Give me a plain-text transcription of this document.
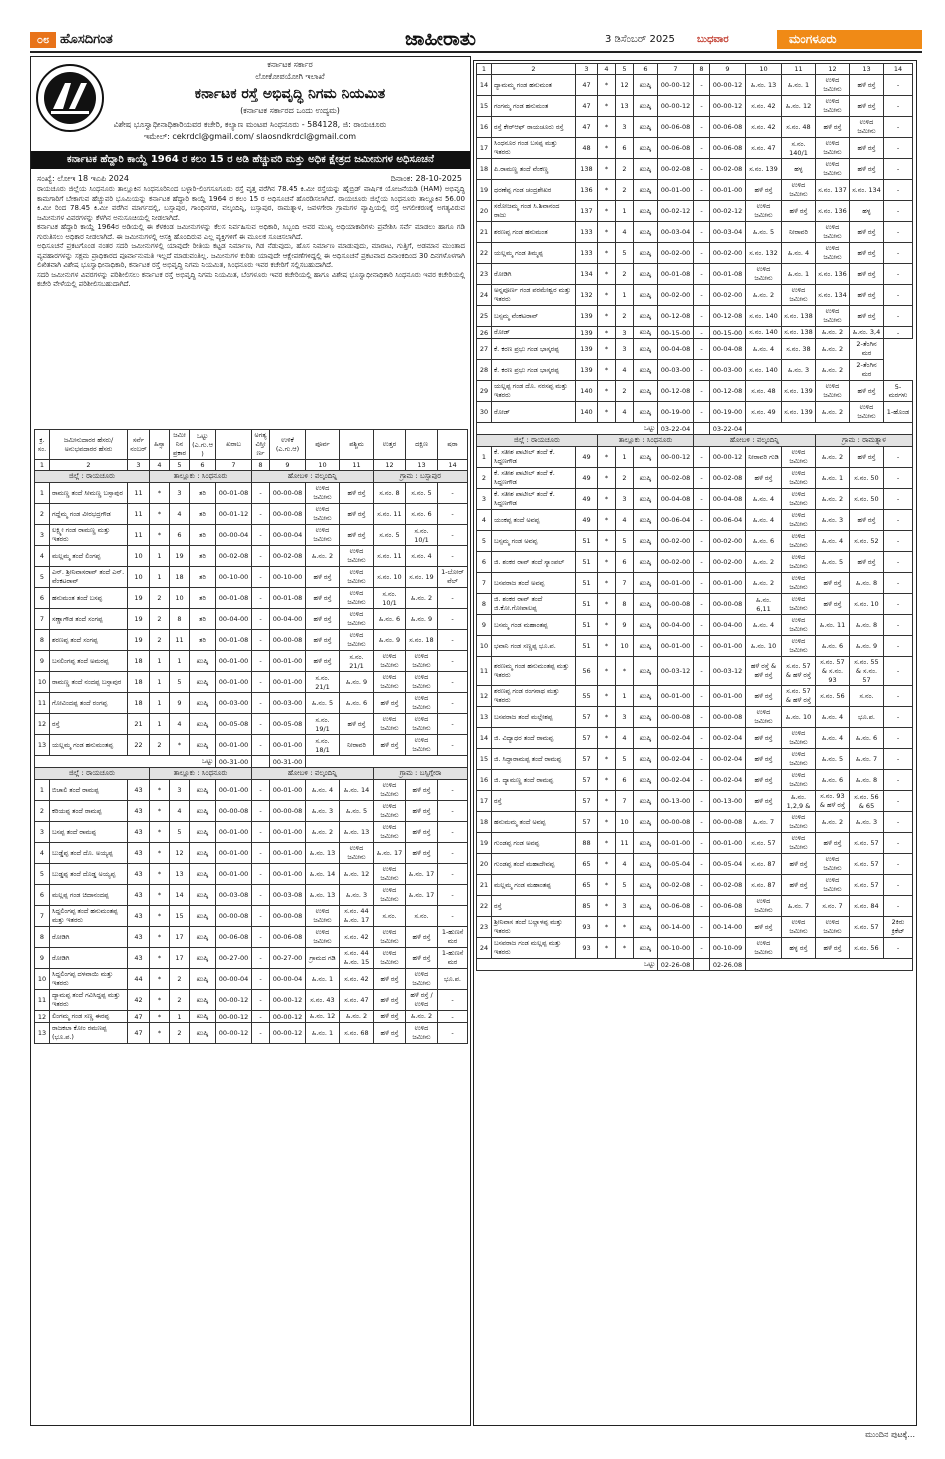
೦೮ ಹೊಸದಿಗಂತ	ಜಾಹೀರಾತು	3 ಡಿಸೆಂಬರ್ 2025 ಬುಧವಾರ	ಮಂಗಳೂರು
ಕರ್ನಾಟಕ ಸರ್ಕಾರ
ಲೋಕೋಪಯೋಗಿ ಇಲಾಖೆ
ಕರ್ನಾಟಕ ರಸ್ತೆ ಅಭಿವೃದ್ಧಿ ನಿಗಮ ನಿಯಮಿತ
(ಕರ್ನಾಟಕ ಸರ್ಕಾರದ ಒಂದು ಉದ್ಯಮ)
ವಿಶೇಷ ಭೂಸ್ವಾಧೀನಾಧಿಕಾರಿಯವರ ಕಚೇರಿ, ಕಲ್ಯಾಣ ಮಂಟಪ ಸಿಂಧನೂರು - 584128, ಜಿ: ರಾಯಚೂರು
ಇಮೇಲ್: cekrdcl@gmail.com/ slaosndkrdcl@gmail.com
ಕರ್ನಾಟಕ ಹೆದ್ದಾರಿ ಕಾಯ್ದೆ 1964 ರ ಕಲಂ 15 ರ ಅಡಿ ಹೆಚ್ಚುವರಿ ಮತ್ತು ಅಧಿಕ ಕ್ಷೇತ್ರದ ಜಮೀನುಗಳ ಅಧಿಸೂಚನೆ
ಸಂಖ್ಯೆ: ಲೋಇ 18 ಇಎಪಿ 2024	ದಿನಾಂಕ: 28-10-2025

ರಾಯಚೂರು ಜಿಲ್ಲೆಯ ಸಿಂಧನೂರು ತಾಲ್ಲೂಕಿನ ಸಿಂಧನೂರಿನಿಂದ ಬಳ್ಳಾರಿ-ಲಿಂಗಸೂಗೂರು ರಸ್ತೆ ವೃತ್ತ ವರೆಗಿನ 78.45 ಕಿ.ಮೀ ರಸ್ತೆಯನ್ನು ಹೈಬ್ರಿಡ್ ವಾರ್ಷಿಕ ಯೋಜನೆಯಡಿ (HAM) ಅಭಿವೃದ್ಧಿ ಕಾಮಗಾರಿಗೆ ಬೇಕಾಗುವ ಹೆಚ್ಚುವರಿ ಭೂಮಿಯನ್ನು ಕರ್ನಾಟಕ ಹೆದ್ದಾರಿ ಕಾಯ್ದೆ 1964 ರ ಕಲಂ 15 ರ ಅಧಿಸೂಚನೆ ಹೊರಡಿಸಲಾಗಿದೆ. ರಾಯಚೂರು ಜಿಲ್ಲೆಯ ಸಿಂಧನೂರು ತಾಲ್ಲೂಕಿನ 56.00 ಕಿ.ಮೀ ರಿಂದ 78.45 ಕಿ.ಮೀ ವರೆಗಿನ ಮಾರ್ಗದಲ್ಲಿ, ಬಸ್ಸಾಪುರ, ಗಾಂಧಿನಗರ, ವಲ್ಕಂದಿನ್ನಿ, ಬಸ್ಸಾಪುರ, ರಾಮತ್ನಾಳ, ಜವಳಗೇರಾ ಗ್ರಾಮಗಳ ವ್ಯಾಪ್ತಿಯಲ್ಲಿ ರಸ್ತೆ ಅಗಲೀಕರಣಕ್ಕೆ ಅಗತ್ಯವಿರುವ ಜಮೀನುಗಳ ವಿವರಗಳನ್ನು ಕೆಳಗಿನ ಅನುಸೂಚಿಯಲ್ಲಿ ನೀಡಲಾಗಿದೆ.

ಕರ್ನಾಟಕ ಹೆದ್ದಾರಿ ಕಾಯ್ದೆ 1964ರ ಅಡಿಯಲ್ಲಿ ಈ ಕೆಳಕಂಡ ಜಮೀನುಗಳನ್ನು ಕೆಲಸ ನಿರ್ವಹಿಸುವ ಅಧಿಕಾರಿ, ಸಿಬ್ಬಂದಿ ಅವರ ಮುಖ್ಯ ಅಧಿಯಾಕಾರಿಗಳು ಪ್ರವೇಶಿಸಿ ಸರ್ವೆ ಮಾಡಲು ಹಾಗೂ ಗಡಿ ಗುರುತಿಸಲು ಅಧಿಕಾರ ನೀಡಲಾಗಿದೆ. ಈ ಜಮೀನುಗಳಲ್ಲಿ ಆಸಕ್ತಿ ಹೊಂದಿರುವ ಎಲ್ಲ ವ್ಯಕ್ತಿಗಳಿಗೆ ಈ ಮೂಲಕ ಸೂಚಿಸಲಾಗಿದೆ.

ಅಧಿಸೂಚನೆ ಪ್ರಕಟಗೊಂಡ ನಂತರ ಸದರಿ ಜಮೀನುಗಳಲ್ಲಿ ಯಾವುದೇ ರೀತಿಯ ಕಟ್ಟಡ ನಿರ್ಮಾಣ, ಗಿಡ ನೆಡುವುದು, ಹೊಸ ನಿರ್ಮಾಣ ಮಾಡುವುದು, ಮಾರಾಟ, ಗುತ್ತಿಗೆ, ಅಡಮಾನ ಮುಂತಾದ ವ್ಯವಹಾರಗಳನ್ನು ಸಕ್ಷಮ ಪ್ರಾಧಿಕಾರದ ಪೂರ್ವಾನುಮತಿ ಇಲ್ಲದೆ ಮಾಡುವಂತಿಲ್ಲ. ಜಮೀನುಗಳ ಕುರಿತು ಯಾವುದೇ ಆಕ್ಷೇಪಣೆಗಳಿದ್ದಲ್ಲಿ ಈ ಅಧಿಸೂಚನೆ ಪ್ರಕಟವಾದ ದಿನಾಂಕದಿಂದ 30 ದಿನಗಳೊಳಗಾಗಿ ಲಿಖಿತವಾಗಿ ವಿಶೇಷ ಭೂಸ್ವಾಧೀನಾಧಿಕಾರಿ, ಕರ್ನಾಟಕ ರಸ್ತೆ ಅಭಿವೃದ್ಧಿ ನಿಗಮ ನಿಯಮಿತ, ಸಿಂಧನೂರು ಇವರ ಕಚೇರಿಗೆ ಸಲ್ಲಿಸಬಹುದಾಗಿದೆ.

ಸದರಿ ಜಮೀನುಗಳ ವಿವರಗಳನ್ನು ಪರಿಶೀಲಿಸಲು ಕರ್ನಾಟಕ ರಸ್ತೆ ಅಭಿವೃದ್ಧಿ ನಿಗಮ ನಿಯಮಿತ, ಬೆಂಗಳೂರು ಇವರ ಕಚೇರಿಯಲ್ಲಿ ಹಾಗೂ ವಿಶೇಷ ಭೂಸ್ವಾಧೀನಾಧಿಕಾರಿ ಸಿಂಧನೂರು ಇವರ ಕಚೇರಿಯಲ್ಲಿ ಕಚೇರಿ ವೇಳೆಯಲ್ಲಿ ಪರಿಶೀಲಿಸಬಹುದಾಗಿದೆ.

ಕ್ರ. ಸಂ.	ಜಮೀನುದಾರರ ಹೆಸರು/ ಅನುಭವದಾರರ ಹೆಸರು	ಸರ್ವೆ ನಂಬರ್	ಹಿಸ್ಸಾ	ಜಮೀನಿನ ಪ್ರಕಾರ	ಒಟ್ಟು (ಎ.ಗು.ಆ)	ಖರಾಬ	ಅಗತ್ಯ ವಿಸ್ತೀರ್ಣ	ಉಳಿಕೆ (ಎ.ಗು.ಆ)	ಪೂರ್ವ	ಪಶ್ಚಿಮ	ಉತ್ತರ	ದಕ್ಷಿಣ	ಷರಾ
1	2	3	4	5	6	7	8	9	10	11	12	13	14
ಜಿಲ್ಲೆ : ರಾಯಚೂರು			ತಾಲ್ಲೂಕು : ಸಿಂಧನೂರು				ಹೋಬಳಿ : ವಲ್ಕಂದಿನ್ನಿ				ಗ್ರಾಮ : ಬಸ್ಸಾಪುರ		
1	ರಾಮಣ್ಣ ತಂದೆ ಸೀಮಣ್ಣ ಬಸ್ಸಾಪುರ	11	*	3	ತರಿ	00-01-08	-	00-00-08	ಉಳಿದ ಜಮೀನು	ಹಳೆ ರಸ್ತೆ	ಸ.ನಂ. 8	ಸ.ನಂ. 5	-
2	ಗದ್ದೆಮ್ಮ ಗಂಡ ವೀರಭದ್ರಗೌಡ	11	*	4	ತರಿ	00-01-12	-	00-00-08	ಉಳಿದ ಜಮೀನು	ಹಳೆ ರಸ್ತೆ	ಸ.ನಂ. 11	ಸ.ನಂ. 6	-
3	ಲಕ್ಷ್ಮೀ ಗಂಡ ರಾಮಣ್ಣ ಮತ್ತು ಇತರರು	11	*	6	ತರಿ	00-00-04	-	00-00-04	ಉಳಿದ ಜಮೀನು	ಹಳೆ ರಸ್ತೆ	ಸ.ನಂ. 5	ಸ.ನಂ. 10/1	-
4	ಮಲ್ಲಮ್ಮ ತಂದೆ ಲಿಂಗಪ್ಪ	10	1	19	ತರಿ	00-02-08	-	00-02-08	ಹಿ.ನಂ. 2	ಉಳಿದ ಜಮೀನು	ಸ.ನಂ. 11	ಸ.ನಂ. 4	-
5	ಎನ್. ಶ್ರೀನಿವಾಸರಾವ್ ತಂದೆ ಎನ್. ವೆಂಕಟರಾವ್	10	1	18	ತರಿ	00-10-00	-	00-10-00	ಹಳೆ ರಸ್ತೆ	ಉಳಿದ ಜಮೀನು	ಸ.ನಂ. 10	ಸ.ನಂ. 19	1-ಬೋರ್ ವೆಲ್
6	ಹನುಮಂತ ತಂದೆ ಬಸಪ್ಪ	19	2	10	ತರಿ	00-01-08	-	00-01-08	ಹಳೆ ರಸ್ತೆ	ಉಳಿದ ಜಮೀನು	ಸ.ನಂ. 10/1	ಹಿ.ನಂ. 2	-
7	ಸಣ್ಣಾಗೌಡ ತಂದೆ ಸಂಗಪ್ಪ	19	2	8	ತರಿ	00-04-00	-	00-04-00	ಹಳೆ ರಸ್ತೆ	ಉಳಿದ ಜಮೀನು	ಹಿ.ನಂ. 6	ಹಿ.ನಂ. 9	-
8	ಶರಣಪ್ಪ ತಂದೆ ಸಂಗಪ್ಪ	19	2	11	ತರಿ	00-01-08	-	00-00-08	ಹಳೆ ರಸ್ತೆ	ಉಳಿದ ಜಮೀನು	ಹಿ.ನಂ. 9	ಸ.ನಂ. 18	-
9	ಬಸಲಿಂಗಪ್ಪ ತಂದೆ ಅಮರಪ್ಪ	18	1	1	ಖುಷ್ಕಿ	00-01-00	-	00-01-00	ಹಳೆ ರಸ್ತೆ	ಸ.ನಂ. 21/1	ಉಳಿದ ಜಮೀನು	ಉಳಿದ ಜಮೀನು	-
10	ರಾಮಣ್ಣ ತಂದೆ ನಂದಪ್ಪ ಬಸ್ಸಾಪುರ	18	1	5	ಖುಷ್ಕಿ	00-01-00	-	00-01-00	ಸ.ನಂ. 21/1	ಹಿ.ನಂ. 9	ಉಳಿದ ಜಮೀನು	ಉಳಿದ ಜಮೀನು	-
11	ಗೋವಿಂದಪ್ಪ ತಂದೆ ರಂಗಪ್ಪ	18	1	9	ಖುಷ್ಕಿ	00-03-00	-	00-03-00	ಹಿ.ನಂ. 5	ಹಿ.ನಂ. 6	ಹಳೆ ರಸ್ತೆ	ಉಳಿದ ಜಮೀನು	-
12	ರಸ್ತೆ	21	1	4	ಖುಷ್ಕಿ	00-05-08	-	00-05-08	ಸ.ನಂ. 19/1	ಹಳೆ ರಸ್ತೆ	ಉಳಿದ ಜಮೀನು	ಉಳಿದ ಜಮೀನು	-
13	ಯಲ್ಲಮ್ಮ ಗಂಡ ಹನುಮಂತಪ್ಪ	22	2	*	ಖುಷ್ಕಿ	00-01-00	-	00-01-00	ಸ.ನಂ. 18/1	ನೀರಾವರಿ	ಹಳೆ ರಸ್ತೆ	ಉಳಿದ ಜಮೀನು	-
ಒಟ್ಟು						00-31-00		00-31-00					
ಜಿಲ್ಲೆ : ರಾಯಚೂರು			ತಾಲ್ಲೂಕು : ಸಿಂಧನೂರು				ಹೋಬಳಿ : ವಲ್ಕಂದಿನ್ನಿ				ಗ್ರಾಮ : ಬಸ್ಸಿಗ್ಗೇರಾ		
1	ಬಿಚಾಲಿ ತಂದೆ ರಾಮಪ್ಪ	43	*	3	ಖುಷ್ಕಿ	00-01-00	-	00-01-00	ಹಿ.ನಂ. 4	ಹಿ.ನಂ. 14	ಉಳಿದ ಜಮೀನು	ಹಳೆ ರಸ್ತೆ	-
2	ಕರಿಯಪ್ಪ ತಂದೆ ರಾಮಪ್ಪ	43	*	4	ಖುಷ್ಕಿ	00-00-08	-	00-00-08	ಹಿ.ನಂ. 3	ಹಿ.ನಂ. 5	ಉಳಿದ ಜಮೀನು	ಹಳೆ ರಸ್ತೆ	-
3	ಬಸಪ್ಪ ತಂದೆ ರಾಮಪ್ಪ	43	*	5	ಖುಷ್ಕಿ	00-01-00	-	00-01-00	ಹಿ.ನಂ. 2	ಹಿ.ನಂ. 13	ಉಳಿದ ಜಮೀನು	ಹಳೆ ರಸ್ತೆ	-
4	ಬುಡ್ಡೆಪ್ಪ ತಂದೆ ದೊ. ಅಯ್ಯಪ್ಪ	43	*	12	ಖುಷ್ಕಿ	00-01-00	-	00-01-00	ಹಿ.ನಂ. 13	ಉಳಿದ ಜಮೀನು	ಹಿ.ನಂ. 17	ಹಳೆ ರಸ್ತೆ	-
5	ಬುಡ್ಡಪ್ಪ ತಂದೆ ದೊಡ್ಡ ಅಯ್ಯಪ್ಪ	43	*	13	ಖುಷ್ಕಿ	00-01-00	-	00-01-00	ಹಿ.ನಂ. 14	ಹಿ.ನಂ. 12	ಉಳಿದ ಜಮೀನು	ಹಿ.ನಂ. 17	-
6	ಮಲ್ಲಪ್ಪ ಗಂಡ ಚಿದಾನಂದಪ್ಪ	43	*	14	ಖುಷ್ಕಿ	00-03-08	-	00-03-08	ಹಿ.ನಂ. 13	ಹಿ.ನಂ. 3	ಉಳಿದ ಜಮೀನು	ಹಿ.ನಂ. 17	-
7	ಸಿದ್ದಲಿಂಗಪ್ಪ ತಂದೆ ಹನುಮಂತಪ್ಪ ಮತ್ತು ಇತರರು	43	*	15	ಖುಷ್ಕಿ	00-00-08	-	00-00-08	ಉಳಿದ ಜಮೀನು	ಸ.ನಂ. 44 ಹಿ.ನಂ. 17	ಸ.ನಂ.	ಸ.ನಂ.	-
8	ರೋಡಿಗಿ	43	*	17	ಖುಷ್ಕಿ	00-06-08	-	00-06-08	ಉಳಿದ ಜಮೀನು	ಸ.ನಂ. 42	ಉಳಿದ ಜಮೀನು	ಹಳೆ ರಸ್ತೆ	1-ಹುಣಸೆ ಮರ
9	ರೋಡಿಗಿ	43	*	17	ಖುಷ್ಕಿ	00-27-00	-	00-27-00	ಗ್ರಾಮದ ಗಡಿ	ಸ.ನಂ. 44 ಹಿ.ನಂ. 15	ಉಳಿದ ಜಮೀನು	ಹಳೆ ರಸ್ತೆ	1-ಹುಣಸೆ ಮರ
10	ಸಿದ್ದಲಿಂಗಪ್ಪ ದಳವಾಯಿ ಮತ್ತು ಇತರರು	44	*	2	ಖುಷ್ಕಿ	00-00-04	-	00-00-04	ಹಿ.ನಂ. 1	ಸ.ನಂ. 42	ಹಳೆ ರಸ್ತೆ	ಉಳಿದ ಜಮೀನು	ಭೂ.ಪ.
11	ದ್ಯಾಮಪ್ಪ ತಂದೆ ಗವಿಸಿದ್ದಪ್ಪ ಮತ್ತು ಇತರರು	42	*	2	ಖುಷ್ಕಿ	00-00-12	-	00-00-12	ಸ.ನಂ. 43	ಸ.ನಂ. 47	ಹಳೆ ರಸ್ತೆ	ಹಳೆ ರಸ್ತೆ / ಉಳಿದ	-
12	ಲಿಂಗಮ್ಮ ಗಂಡ ಸಣ್ಣ ಈರಪ್ಪ	47	*	1	ಖುಷ್ಕಿ	00-00-12	-	00-00-12	ಹಿ.ನಂ. 12	ಹಿ.ನಂ. 2	ಹಳೆ ರಸ್ತೆ	ಹಿ.ನಂ. 2	-
13	ರಾಜಕಲಾ ಕೋಂ ರಮಣಪ್ಪ (ಭೂ.ಪ.)	47	*	2	ಖುಷ್ಕಿ	00-00-12	-	00-00-12	ಹಿ.ನಂ. 1	ಸ.ನಂ. 68	ಹಳೆ ರಸ್ತೆ	ಉಳಿದ ಜಮೀನು	-
1	2	3	4	5	6	7	8	9	10	11	12	13	14
14	ದ್ಯಾಮಮ್ಮ ಗಂಡ ಹನುಮಂತ	47	*	12	ಖುಷ್ಕಿ	00-00-12	-	00-00-12	ಹಿ.ನಂ. 13	ಹಿ.ನಂ. 1	ಉಳಿದ ಜಮೀನು	ಹಳೆ ರಸ್ತೆ	-
15	ಗಂಗಮ್ಮ ಗಂಡ ಹನುಮಂತ	47	*	13	ಖುಷ್ಕಿ	00-00-12	-	00-00-12	ಸ.ನಂ. 42	ಹಿ.ನಂ. 12	ಉಳಿದ ಜಮೀನು	ಹಳೆ ರಸ್ತೆ	-
16	ರಸ್ತೆ ಕೇರ್‌ಆಫ್ ರಾಯಚೂರು ರಸ್ತೆ	47	*	3	ಖುಷ್ಕಿ	00-06-08	-	00-06-08	ಸ.ನಂ. 42	ಸ.ನಂ. 48	ಹಳೆ ರಸ್ತೆ	ಉಳಿದ ಜಮೀನು	-
17	ಸಿಂಧನೂರ ಗಂಡ ಬಸಪ್ಪ ಮತ್ತು ಇತರರು	48	*	6	ಖುಷ್ಕಿ	00-06-08	-	00-06-08	ಸ.ನಂ. 47	ಸ.ನಂ. 140/1	ಉಳಿದ ಜಮೀನು	ಹಳೆ ರಸ್ತೆ	-
18	ಪಿ.ರಾಮಣ್ಣ ತಂದೆ ವೆಂಕಣ್ಣ	138	*	2	ಖುಷ್ಕಿ	00-02-08	-	00-02-08	ಸ.ನಂ. 139	ಹಳ್ಳ	ಉಳಿದ ಜಮೀನು	ಹಳೆ ರಸ್ತೆ	-
19	ಧರಣೆಪ್ಪ ಗಂಡ ಚಂದ್ರಶೇಖರ	136	*	2	ಖುಷ್ಕಿ	00-01-00	-	00-01-00	ಹಳೆ ರಸ್ತೆ	ಉಳಿದ ಜಮೀನು	ಸ.ನಂ. 137	ಸ.ನಂ. 134	-
20	ಸರೋಜಮ್ಮ ಗಂಡ ಸಿ.ಶಿವಾನಂದ ರಾಜು	137	*	1	ಖುಷ್ಕಿ	00-02-12	-	00-02-12	ಉಳಿದ ಜಮೀನು	ಹಳೆ ರಸ್ತೆ	ಸ.ನಂ. 136	ಹಳ್ಳ	-
21	ಶರಣಪ್ಪ ಗಂಡ ಹನುಮಂತ	133	*	4	ಖುಷ್ಕಿ	00-03-04	-	00-03-04	ಹಿ.ನಂ. 5	ನೀರಾವರಿ	ಉಳಿದ ಜಮೀನು	ಹಳೆ ರಸ್ತೆ	-
22	ಯಲ್ಲಮ್ಮ ಗಂಡ ತಿಮ್ಮಪ್ಪ	133	*	5	ಖುಷ್ಕಿ	00-02-00	-	00-02-00	ಸ.ನಂ. 132	ಹಿ.ನಂ. 4	ಉಳಿದ ಜಮೀನು	ಹಳೆ ರಸ್ತೆ	-
23	ರೋಡಿಗಿ	134	*	2	ಖುಷ್ಕಿ	00-01-08	-	00-01-08	ಉಳಿದ ಜಮೀನು	ಹಿ.ನಂ. 1	ಸ.ನಂ. 136	ಹಳೆ ರಸ್ತೆ	-
24	ಅನ್ನಪೂರ್ಣ ಗಂಡ ಪರಮೇಶ್ವರ ಮತ್ತು ಇತರರು	132	*	1	ಖುಷ್ಕಿ	00-02-00	-	00-02-00	ಹಿ.ನಂ. 2	ಉಳಿದ ಜಮೀನು	ಸ.ನಂ. 134	ಹಳೆ ರಸ್ತೆ	-
25	ಬಸ್ಸಮ್ಮ ವೆಂಕಟರಾವ್	139	*	2	ಖುಷ್ಕಿ	00-12-08	-	00-12-08	ಸ.ನಂ. 140	ಸ.ನಂ. 138	ಉಳಿದ ಜಮೀನು	ಹಳೆ ರಸ್ತೆ	-
26	ರೋಡ್	139	*	3	ಖುಷ್ಕಿ	00-15-00	-	00-15-00	ಸ.ನಂ. 140	ಸ.ನಂ. 138	ಹಿ.ನಂ. 2	ಹಿ.ನಂ. 3,4	-
27	ಕೆ. ಕರಣ ಪ್ರಭು ಗಂಡ ಭಾಸ್ಕರಪ್ಪ	139	*	3	ಖುಷ್ಕಿ	00-04-08	-	00-04-08	ಹಿ.ನಂ. 4	ಸ.ನಂ. 38	ಹಿ.ನಂ. 2	2-ತೆಂಗಿನ ಮರ	
28	ಕೆ. ಕರಣ ಪ್ರಭು ಗಂಡ ಭಾಸ್ಕರಪ್ಪ	139	*	4	ಖುಷ್ಕಿ	00-03-00	-	00-03-00	ಸ.ನಂ. 140	ಹಿ.ನಂ. 3	ಹಿ.ನಂ. 2	2-ತೆಂಗಿನ ಮರ	
29	ಯಲ್ಲಪ್ಪ ಗಂಡ ದೊ. ನರಸಪ್ಪ ಮತ್ತು ಇತರರು	140	*	2	ಖುಷ್ಕಿ	00-12-08	-	00-12-08	ಸ.ನಂ. 48	ಸ.ನಂ. 139	ಉಳಿದ ಜಮೀನು	ಹಳೆ ರಸ್ತೆ	5-ಮರಗಳು
30	ರೋಡ್	140	*	4	ಖುಷ್ಕಿ	00-19-00	-	00-19-00	ಸ.ನಂ. 49	ಸ.ನಂ. 139	ಹಿ.ನಂ. 2	ಉಳಿದ ಜಮೀನು	1-ಹೊಂಡ
ಒಟ್ಟು						03-22-04		03-22-04					
ಜಿಲ್ಲೆ : ರಾಯಚೂರು			ತಾಲ್ಲೂಕು : ಸಿಂಧನೂರು				ಹೋಬಳಿ : ವಲ್ಕಂದಿನ್ನಿ				ಗ್ರಾಮ : ರಾಮತ್ನಾಳ		
1	ಕೆ. ಸತೀಶ ಪಾಟೀಲ್ ತಂದೆ ಕೆ. ಸಿದ್ದಣಗೌಡ	49	*	1	ಖುಷ್ಕಿ	00-00-12	-	00-00-12	ನೀರಾವರಿ ಗುಡಿ	ಉಳಿದ ಜಮೀನು	ಹಿ.ನಂ. 2	ಹಳೆ ರಸ್ತೆ	-
2	ಕೆ. ಸತೀಶ ಪಾಟೀಲ್ ತಂದೆ ಕೆ. ಸಿದ್ದಣಗೌಡ	49	*	2	ಖುಷ್ಕಿ	00-02-08	-	00-02-08	ಹಳೆ ರಸ್ತೆ	ಉಳಿದ ಜಮೀನು	ಹಿ.ನಂ. 1	ಸ.ನಂ. 50	-
3	ಕೆ. ಸತೀಶ ಪಾಟೀಲ್ ತಂದೆ ಕೆ. ಸಿದ್ದಣಗೌಡ	49	*	3	ಖುಷ್ಕಿ	00-04-08	-	00-04-08	ಹಿ.ನಂ. 4	ಉಳಿದ ಜಮೀನು	ಹಿ.ನಂ. 2	ಸ.ನಂ. 50	-
4	ಯಂಕಪ್ಪ ತಂದೆ ಅವಪ್ಪ	49	*	4	ಖುಷ್ಕಿ	00-06-04	-	00-06-04	ಹಿ.ನಂ. 4	ಉಳಿದ ಜಮೀನು	ಹಿ.ನಂ. 3	ಹಳೆ ರಸ್ತೆ	-
5	ಬಸ್ಸಮ್ಮ ಗಂಡ ಅವಪ್ಪ	51	*	5	ಖುಷ್ಕಿ	00-02-00	-	00-02-00	ಹಿ.ನಂ. 6	ಉಳಿದ ಜಮೀನು	ಹಿ.ನಂ. 4	ಸ.ನಂ. 52	-
6	ಜಿ. ಶಂಕರ ರಾವ್ ತಂದೆ ಸ್ಯಾಂಪಲ್	51	*	6	ಖುಷ್ಕಿ	00-02-00	-	00-02-00	ಹಿ.ನಂ. 2	ಉಳಿದ ಜಮೀನು	ಹಿ.ನಂ. 5	ಹಳೆ ರಸ್ತೆ	-
7	ಬಸವರಾಜ ತಂದೆ ಅವಪ್ಪ	51	*	7	ಖುಷ್ಕಿ	00-01-00	-	00-01-00	ಹಿ.ನಂ. 2	ಉಳಿದ ಜಮೀನು	ಹಳೆ ರಸ್ತೆ	ಹಿ.ನಂ. 8	-
8	ಜಿ. ಶಂಕರ ರಾವ್ ತಂದೆ ಜಿ.ಕೋ.ಗೋಪಾಲಪ್ಪ	51	*	8	ಖುಷ್ಕಿ	00-00-08	-	00-00-08	ಹಿ.ನಂ. 6,11	ಉಳಿದ ಜಮೀನು	ಹಳೆ ರಸ್ತೆ	ಸ.ನಂ. 10	-
9	ಬಸಮ್ಮ ಗಂಡ ಮಹಾಂತಪ್ಪ	51	*	9	ಖುಷ್ಕಿ	00-04-00	-	00-04-00	ಹಿ.ನಂ. 4	ಉಳಿದ ಜಮೀನು	ಹಿ.ನಂ. 11	ಹಿ.ನಂ. 8	-
10	ಭವಾನಿ ಗಂಡ ಸಣ್ಣಪ್ಪ ಭೂ.ಪ.	51	*	10	ಖುಷ್ಕಿ	00-01-00	-	00-01-00	ಹಿ.ನಂ. 10	ಉಳಿದ ಜಮೀನು	ಹಿ.ನಂ. 6	ಹಿ.ನಂ. 9	-
11	ಶರಣಮ್ಮ ಗಂಡ ಹನುಮಂತಪ್ಪ ಮತ್ತು ಇತರರು	56	*	*	ಖುಷ್ಕಿ	00-03-12	-	00-03-12	ಹಳೆ ರಸ್ತೆ & ಹಳೆ ರಸ್ತೆ	ಸ.ನಂ. 57 & ಹಳೆ ರಸ್ತೆ	ಸ.ನಂ. 57 & ಸ.ನಂ. 93	ಸ.ನಂ. 55 & ಸ.ನಂ. 57	-
12	ಶರಣಪ್ಪ ಗಂಡ ರಂಗನಾಥ ಮತ್ತು ಇತರರು	55	*	1	ಖುಷ್ಕಿ	00-01-00	-	00-01-00	ಹಳೆ ರಸ್ತೆ	ಸ.ನಂ. 57 & ಹಳೆ ರಸ್ತೆ	ಸ.ನಂ. 56	ಸ.ನಂ.	-
13	ಬಸವರಾಜ ತಂದೆ ಮಲ್ಲೇಶಪ್ಪ	57	*	3	ಖುಷ್ಕಿ	00-00-08	-	00-00-08	ಉಳಿದ ಜಮೀನು	ಹಿ.ನಂ. 10	ಹಿ.ನಂ. 4	ಭೂ.ಪ.	-
14	ಜಿ. ವಿದ್ಯಾಧರ ತಂದೆ ರಾಮಪ್ಪ	57	*	4	ಖುಷ್ಕಿ	00-02-04	-	00-02-04	ಹಳೆ ರಸ್ತೆ	ಉಳಿದ ಜಮೀನು	ಹಿ.ನಂ. 4	ಹಿ.ನಂ. 6	-
15	ಜಿ. ಸಿದ್ದಾರಾಮಪ್ಪ ತಂದೆ ರಾಮಪ್ಪ	57	*	5	ಖುಷ್ಕಿ	00-02-04	-	00-02-04	ಹಳೆ ರಸ್ತೆ	ಉಳಿದ ಜಮೀನು	ಹಿ.ನಂ. 5	ಹಿ.ನಂ. 7	-
16	ಜಿ. ದ್ಯಾಮಣ್ಣ ತಂದೆ ರಾಮಪ್ಪ	57	*	6	ಖುಷ್ಕಿ	00-02-04	-	00-02-04	ಹಳೆ ರಸ್ತೆ	ಉಳಿದ ಜಮೀನು	ಹಿ.ನಂ. 6	ಹಿ.ನಂ. 8	-
17	ರಸ್ತೆ	57	*	7	ಖುಷ್ಕಿ	00-13-00	-	00-13-00	ಹಳೆ ರಸ್ತೆ	ಹಿ.ನಂ. 1,2,9 &	ಸ.ನಂ. 93 & ಹಳೆ ರಸ್ತೆ	ಸ.ನಂ. 56 & 65	-
18	ಹನುಮಮ್ಮ ತಂದೆ ಅವಪ್ಪ	57	*	10	ಖುಷ್ಕಿ	00-00-08	-	00-00-08	ಹಿ.ನಂ. 7	ಉಳಿದ ಜಮೀನು	ಹಿ.ನಂ. 2	ಹಿ.ನಂ. 3	-
19	ಗುಂಡಪ್ಪ ಗಂಡ ಅವಪ್ಪ	88	*	11	ಖುಷ್ಕಿ	00-01-00	-	00-01-00	ಸ.ನಂ. 57	ಉಳಿದ ಜಮೀನು	ಹಳೆ ರಸ್ತೆ	ಸ.ನಂ. 57	-
20	ಗುಂಡಪ್ಪ ತಂದೆ ಮಹಾದೇವಪ್ಪ	65	*	4	ಖುಷ್ಕಿ	00-05-04	-	00-05-04	ಸ.ನಂ. 87	ಹಳೆ ರಸ್ತೆ	ಉಳಿದ ಜಮೀನು	ಸ.ನಂ. 57	-
21	ಮಲ್ಲಮ್ಮ ಗಂಡ ಮಹಾಂತಪ್ಪ	65	*	5	ಖುಷ್ಕಿ	00-02-08	-	00-02-08	ಸ.ನಂ. 87	ಹಳೆ ರಸ್ತೆ	ಉಳಿದ ಜಮೀನು	ಸ.ನಂ. 57	-
22	ರಸ್ತೆ	85	*	3	ಖುಷ್ಕಿ	00-06-08	-	00-06-08	ಉಳಿದ ಜಮೀನು	ಹಿ.ನಂ. 7	ಸ.ನಂ. 7	ಸ.ನಂ. 84	-
23	ಶ್ರೀನಿವಾಸ ತಂದೆ ಬಲ್ಲಾಳಪ್ಪ ಮತ್ತು ಇತರರು	93	*	*	ಖುಷ್ಕಿ	00-14-00	-	00-14-00	ಹಳೆ ರಸ್ತೆ	ಉಳಿದ ಜಮೀನು	ಉಳಿದ ಜಮೀನು	ಸ.ನಂ. 57	2ಕಿರು ಕ್ರಿಕೆಟ್
24	ಬಸವರಾಜ ಗಂಡ ಮಲ್ಲಪ್ಪ ಮತ್ತು ಇತರರು	93	*	*	ಖುಷ್ಕಿ	00-10-00	-	00-10-09	ಉಳಿದ ಜಮೀನು	ಹಳ್ಳ ರಸ್ತೆ	ಹಳೆ ರಸ್ತೆ	ಸ.ನಂ. 56	-
ಒಟ್ಟು						02-26-08		02-26.08					
ಮುಂದಿನ ಪುಟಕ್ಕೆ...
